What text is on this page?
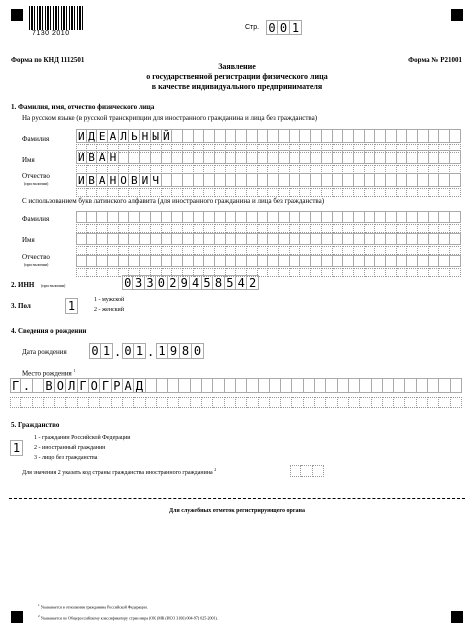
7130 2010
Стр. 0 0 1
Форма по КНД 1112501	Форма № Р21001
Заявление
о государственной регистрации физического лица
в качестве индивидуального предпринимателя
1. Фамилия, имя, отчество физического лица
На русском языке (в русской транскрипции для иностранного гражданина и лица без гражданства)
Фамилия	И Д Е А Л Ь Н Ы Й
Имя	И В А Н
Отчество
(при наличии)	И В А Н О В И Ч
С использованием букв латинского алфавита (для иностранного гражданина и лица без гражданства)
Фамилия
Имя
Отчество
(при наличии)
2. ИНН (при наличии)	0 3 3 0 2 9 4 5 8 5 4 2
3. Пол	1	1 - мужской
2 - женский
4. Сведения о рождении
Дата рождения 0 1 . 0 1 . 1 9 8 0
Место рождения $^1$
Г . В О Л Г О Г Р А Д
5. Гражданство
1
1 - гражданин Российской Федерации
2 - иностранный гражданин
3 - лицо без гражданства
Для значения 2 указать код страны гражданства иностранного гражданина $^2$
Для служебных отметок регистрирующего органа
$^1$ Указывается в отношении гражданина Российской Федерации.
$^2$ Указывается по Общероссийскому классификатору стран мира (ОК (МК (ИСО 3166) 004-97) 025-2001).
